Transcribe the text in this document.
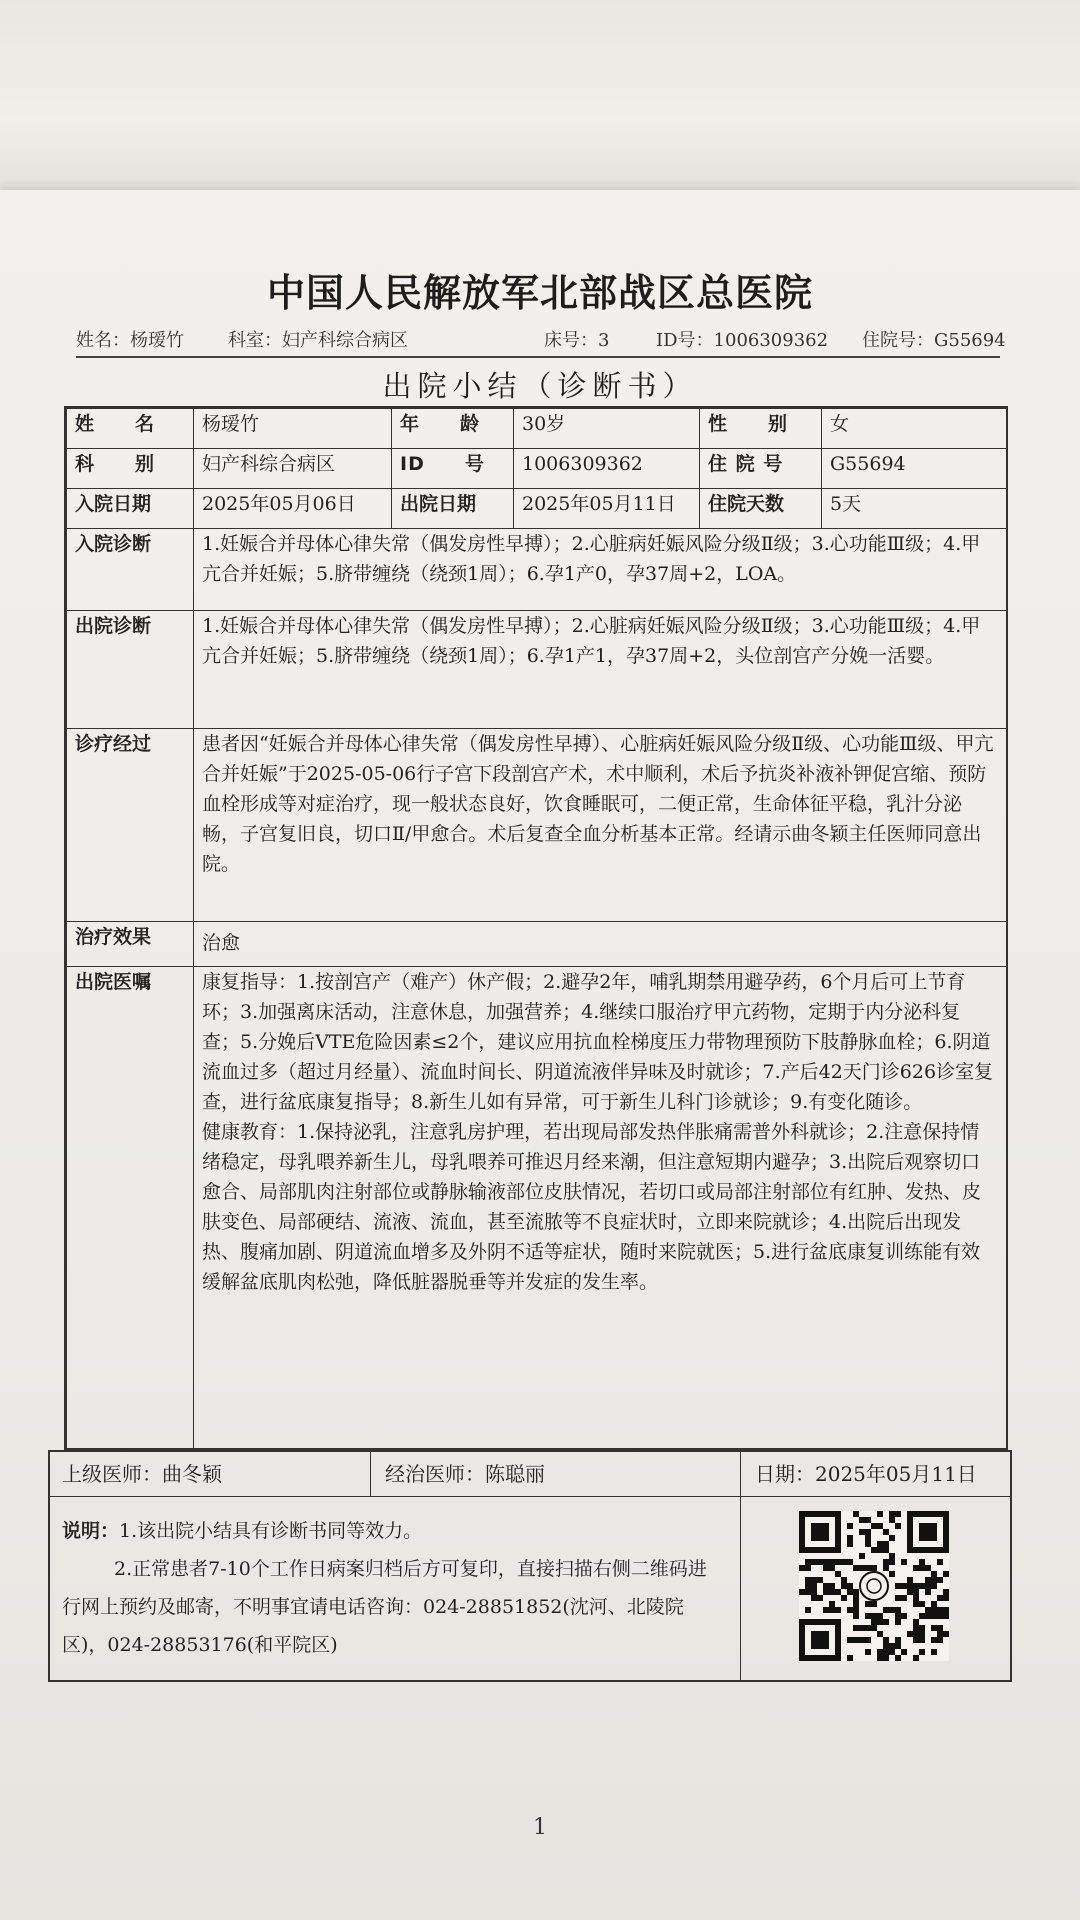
中国人民解放军北部战区总医院
姓名：杨瑷竹 科室：妇产科综合病区	床号：3	ID号：1006309362 住院号：G55694
出院小结（诊断书）
姓　　名	杨瑷竹	年　　龄	30岁	性　　别	女
科　　别	妇产科综合病区	ID　　号	1006309362	住 院 号	G55694
入院日期	2025年05月06日	出院日期	2025年05月11日	住院天数	5天
入院诊断	1.妊娠合并母体心律失常（偶发房性早搏）；2.心脏病妊娠风险分级Ⅱ级；3.心功能Ⅲ级；4.甲亢合并妊娠；5.脐带缠绕（绕颈1周）；6.孕1产0，孕37周+2，LOA。				
出院诊断	1.妊娠合并母体心律失常（偶发房性早搏）；2.心脏病妊娠风险分级Ⅱ级；3.心功能Ⅲ级；4.甲亢合并妊娠；5.脐带缠绕（绕颈1周）；6.孕1产1，孕37周+2，头位剖宫产分娩一活婴。				
诊疗经过	患者因“妊娠合并母体心律失常（偶发房性早搏）、心脏病妊娠风险分级Ⅱ级、心功能Ⅲ级、甲亢合并妊娠”于2025-05-06行子宫下段剖宫产术，术中顺利，术后予抗炎补液补钾促宫缩、预防血栓形成等对症治疗，现一般状态良好，饮食睡眠可，二便正常，生命体征平稳，乳汁分泌畅，子宫复旧良，切口Ⅱ/甲愈合。术后复查全血分析基本正常。经请示曲冬颖主任医师同意出院。				
治疗效果	治愈				
出院医嘱	康复指导：1.按剖宫产（难产）休产假；2.避孕2年，哺乳期禁用避孕药，6个月后可上节育环；3.加强离床活动，注意休息，加强营养；4.继续口服治疗甲亢药物，定期于内分泌科复查；5.分娩后VTE危险因素≤2个，建议应用抗血栓梯度压力带物理预防下肢静脉血栓；6.阴道流血过多（超过月经量）、流血时间长、阴道流液伴异味及时就诊；7.产后42天门诊626诊室复查，进行盆底康复指导；8.新生儿如有异常，可于新生儿科门诊就诊；9.有变化随诊。
健康教育：1.保持泌乳，注意乳房护理，若出现局部发热伴胀痛需普外科就诊；2.注意保持情绪稳定，母乳喂养新生儿，母乳喂养可推迟月经来潮，但注意短期内避孕；3.出院后观察切口愈合、局部肌肉注射部位或静脉输液部位皮肤情况，若切口或局部注射部位有红肿、发热、皮肤变色、局部硬结、流液、流血，甚至流脓等不良症状时，立即来院就诊；4.出院后出现发热、腹痛加剧、阴道流血增多及外阴不适等症状，随时来院就医；5.进行盆底康复训练能有效缓解盆底肌肉松弛，降低脏器脱垂等并发症的发生率。				
上级医师：曲冬颖	经治医师：陈聪丽	日期：2025年05月11日
说明：1.该出院小结具有诊断书同等效力。
2.正常患者7-10个工作日病案归档后方可复印，直接扫描右侧二维码进行网上预约及邮寄，不明事宜请电话咨询：024-28851852(沈河、北陵院区)，024-28853176(和平院区)
1
